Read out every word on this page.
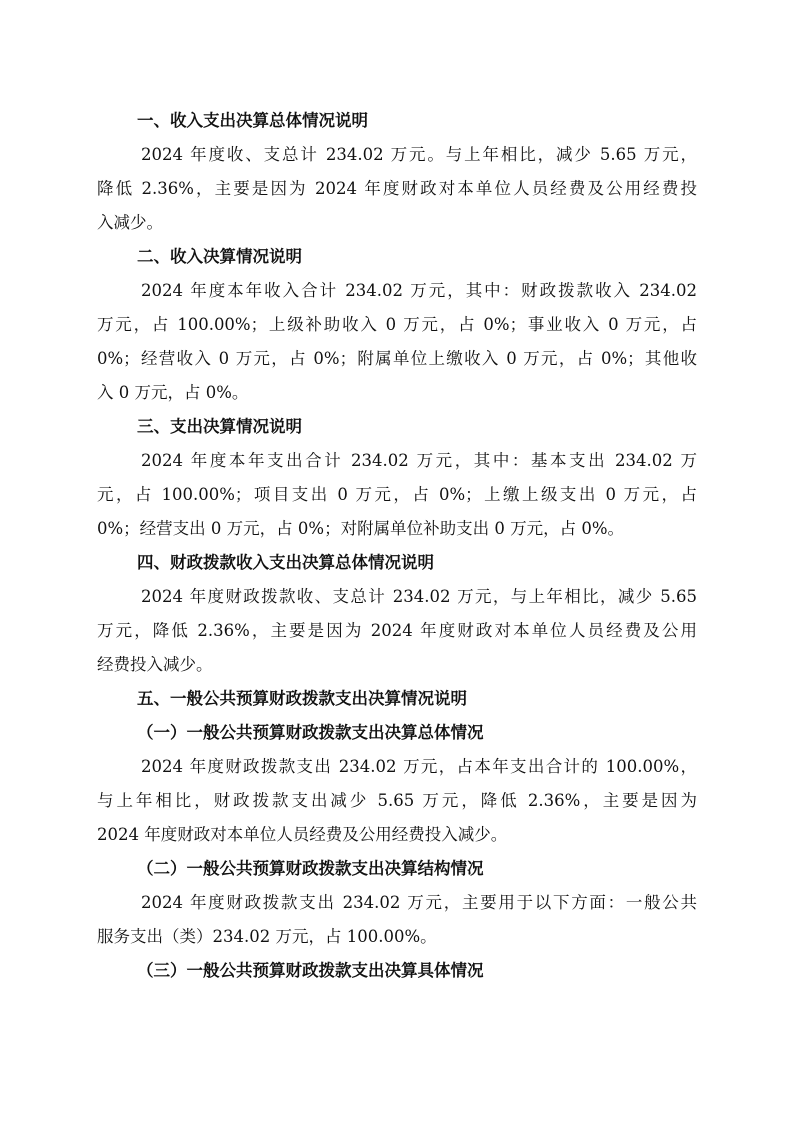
一、收入支出决算总体情况说明
2024 年度收、支总计 234.02 万元。与上年相比，减少 5.65 万元，
降低 2.36%，主要是因为 2024 年度财政对本单位人员经费及公用经费投
入减少。
二、收入决算情况说明
2024 年度本年收入合计 234.02 万元，其中：财政拨款收入 234.02
万元，占 100.00%；上级补助收入 0 万元，占 0%；事业收入 0 万元，占
0%；经营收入 0 万元，占 0%；附属单位上缴收入 0 万元，占 0%；其他收
入 0 万元，占 0%。
三、支出决算情况说明
2024 年度本年支出合计 234.02 万元，其中：基本支出 234.02 万
元，占 100.00%；项目支出 0 万元，占 0%；上缴上级支出 0 万元，占
0%；经营支出 0 万元，占 0%；对附属单位补助支出 0 万元，占 0%。
四、财政拨款收入支出决算总体情况说明
2024 年度财政拨款收、支总计 234.02 万元，与上年相比，减少 5.65
万元，降低 2.36%，主要是因为 2024 年度财政对本单位人员经费及公用
经费投入减少。
五、一般公共预算财政拨款支出决算情况说明
（一）一般公共预算财政拨款支出决算总体情况
2024 年度财政拨款支出 234.02 万元，占本年支出合计的 100.00%，
与上年相比，财政拨款支出减少 5.65 万元，降低 2.36%，主要是因为
2024 年度财政对本单位人员经费及公用经费投入减少。
（二）一般公共预算财政拨款支出决算结构情况
2024 年度财政拨款支出 234.02 万元，主要用于以下方面：一般公共
服务支出（类）234.02 万元，占 100.00%。
（三）一般公共预算财政拨款支出决算具体情况
